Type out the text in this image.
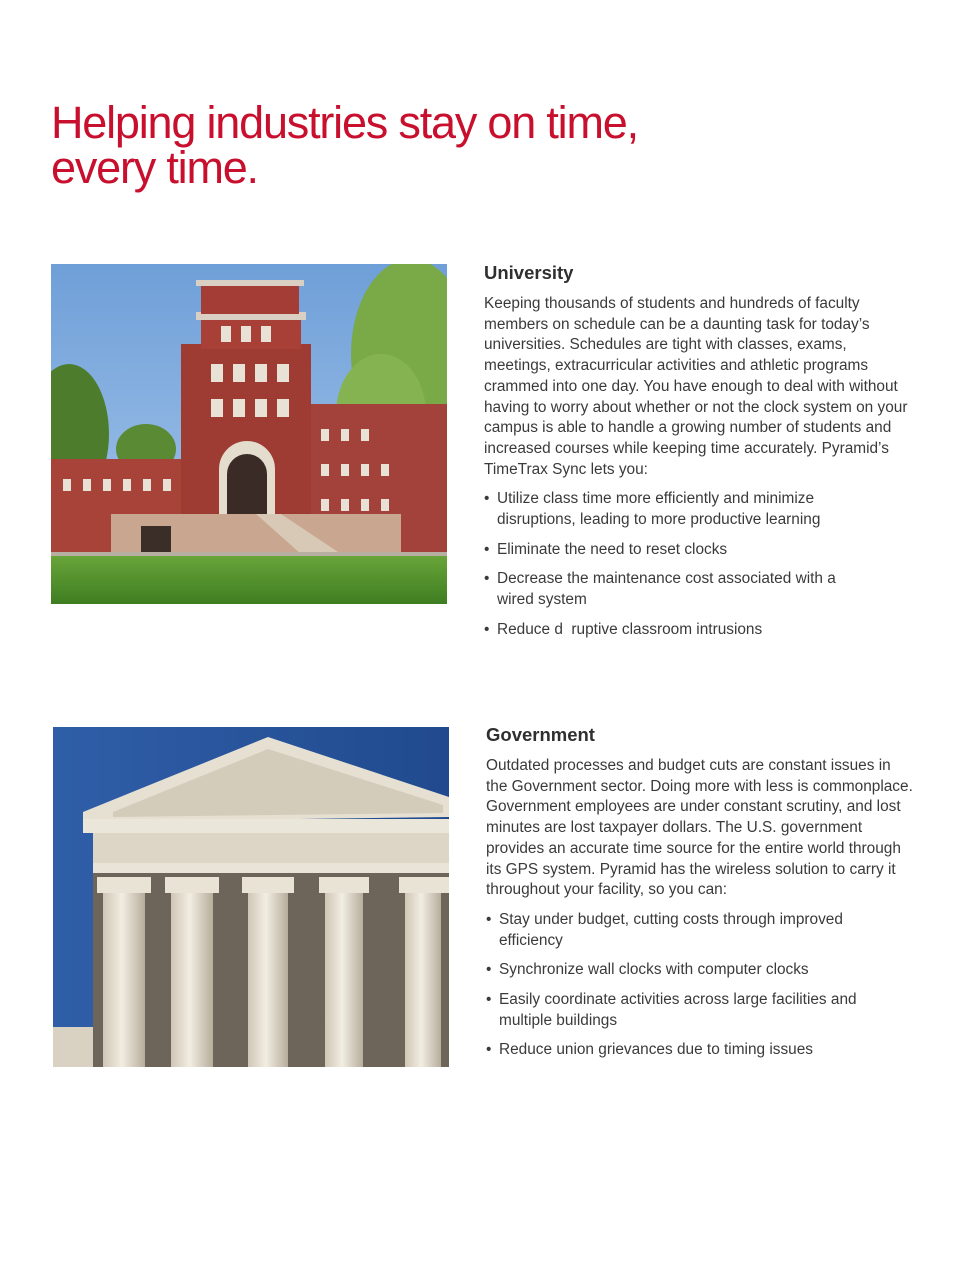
Helping industries stay on time,
every time.
University

Keeping thousands of students and hundreds of faculty members on schedule can be a daunting task for today’s universities. Schedules are tight with classes, exams, meetings, extracurricular activities and athletic programs crammed into one day. You have enough to deal with without having to worry about whether or not the clock system on your campus is able to handle a growing number of students and increased courses while keeping time accurately. Pyramid’s TimeTrax Sync lets you:

• Utilize class time more efficiently and minimize disruptions, leading to more productive learning
• Eliminate the need to reset clocks
• Decrease the maintenance cost associated with a wired system
• Reduce d  ruptive classroom intrusions
Government

Outdated processes and budget cuts are constant issues in the Government sector. Doing more with less is commonplace. Government employees are under constant scrutiny, and lost minutes are lost taxpayer dollars. The U.S. government provides an accurate time source for the entire world through its GPS system. Pyramid has the wireless solution to carry it throughout your facility, so you can:

• Stay under budget, cutting costs through improved efficiency
• Synchronize wall clocks with computer clocks
• Easily coordinate activities across large facilities and multiple buildings
• Reduce union grievances due to timing issues
